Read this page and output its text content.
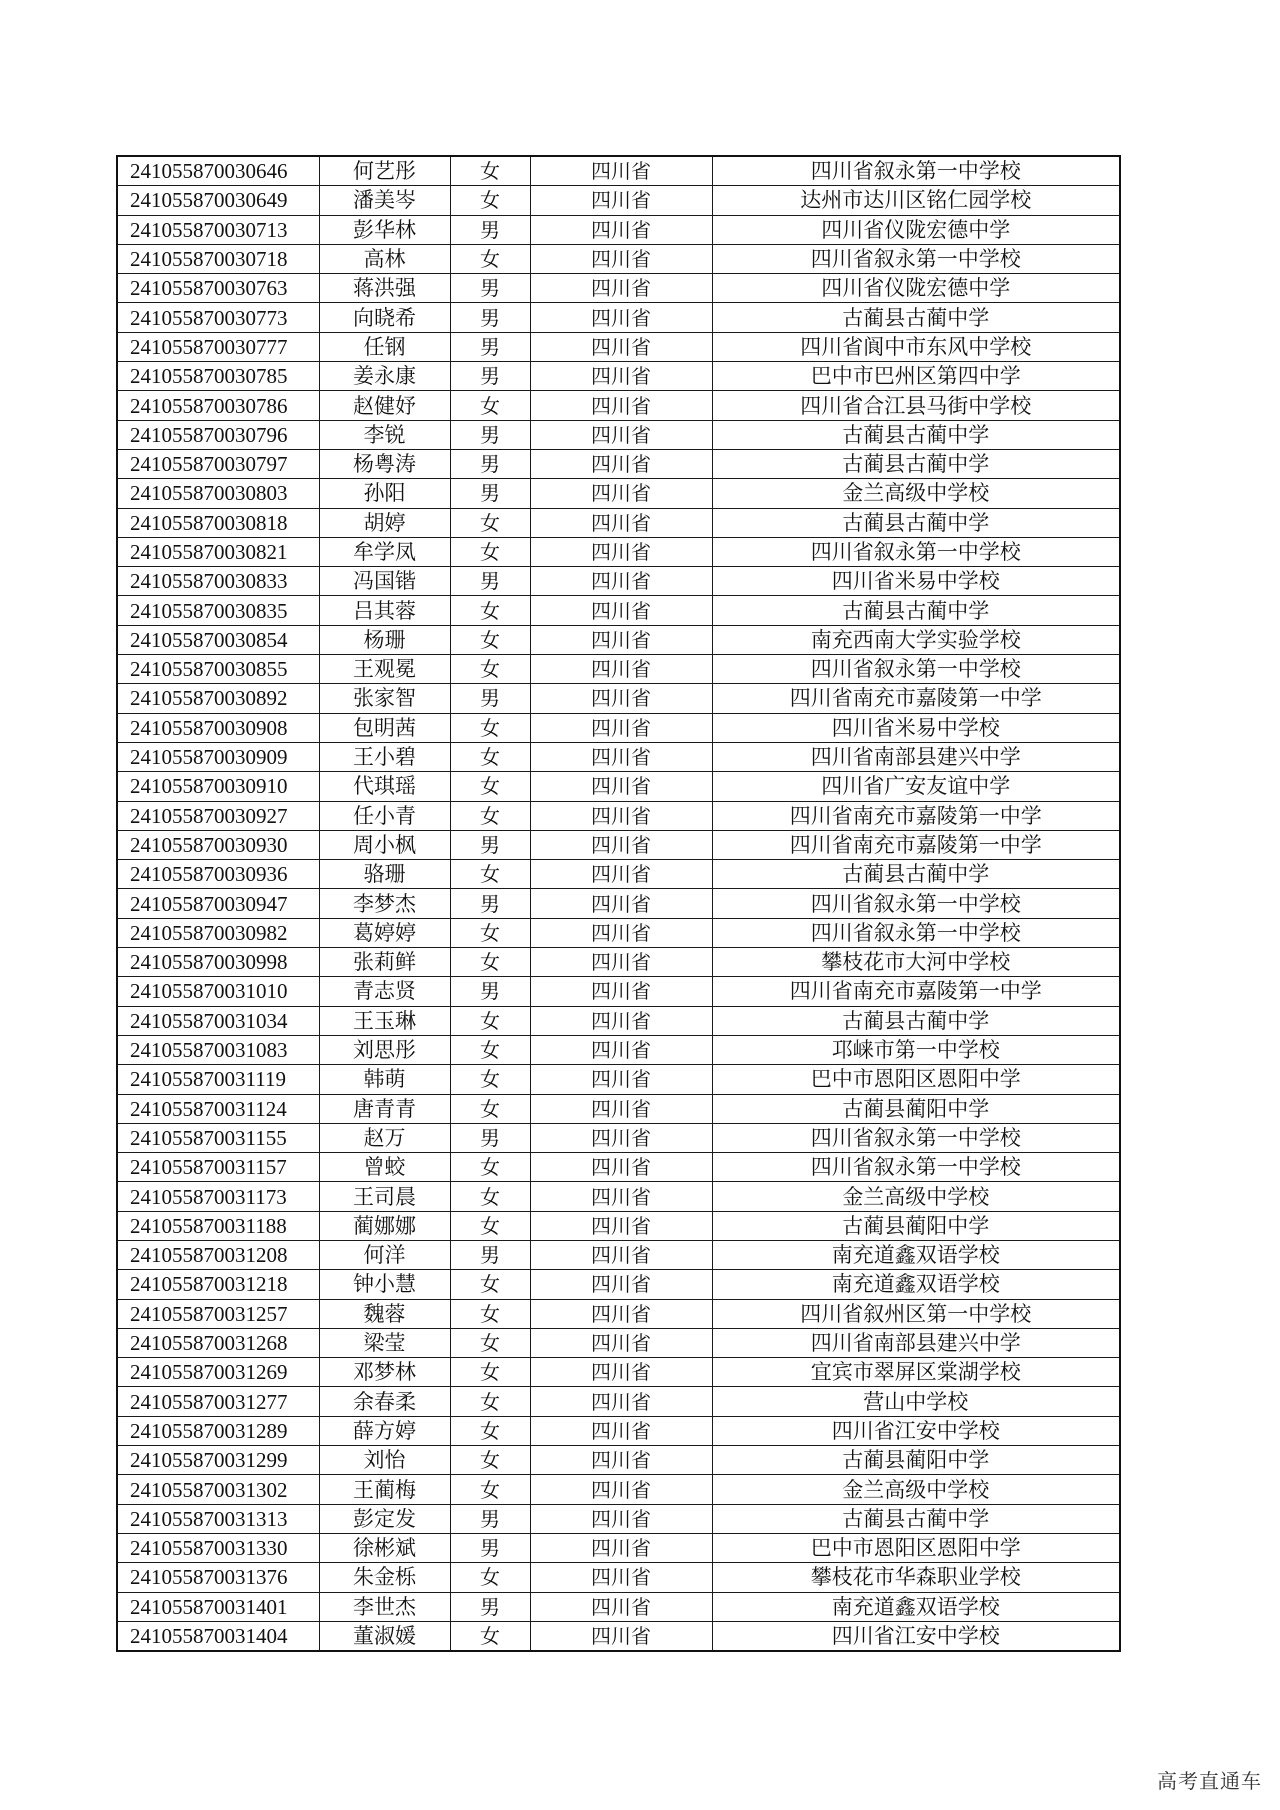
241055870030646	何艺彤	女	四川省	四川省叙永第一中学校
241055870030649	潘美岑	女	四川省	达州市达川区铭仁园学校
241055870030713	彭华林	男	四川省	四川省仪陇宏德中学
241055870030718	高林	女	四川省	四川省叙永第一中学校
241055870030763	蒋洪强	男	四川省	四川省仪陇宏德中学
241055870030773	向晓希	男	四川省	古蔺县古蔺中学
241055870030777	任钢	男	四川省	四川省阆中市东风中学校
241055870030785	姜永康	男	四川省	巴中市巴州区第四中学
241055870030786	赵健妤	女	四川省	四川省合江县马街中学校
241055870030796	李锐	男	四川省	古蔺县古蔺中学
241055870030797	杨粤涛	男	四川省	古蔺县古蔺中学
241055870030803	孙阳	男	四川省	金兰高级中学校
241055870030818	胡婷	女	四川省	古蔺县古蔺中学
241055870030821	牟学凤	女	四川省	四川省叙永第一中学校
241055870030833	冯国锴	男	四川省	四川省米易中学校
241055870030835	吕其蓉	女	四川省	古蔺县古蔺中学
241055870030854	杨珊	女	四川省	南充西南大学实验学校
241055870030855	王观冕	女	四川省	四川省叙永第一中学校
241055870030892	张家智	男	四川省	四川省南充市嘉陵第一中学
241055870030908	包明茜	女	四川省	四川省米易中学校
241055870030909	王小碧	女	四川省	四川省南部县建兴中学
241055870030910	代琪瑶	女	四川省	四川省广安友谊中学
241055870030927	任小青	女	四川省	四川省南充市嘉陵第一中学
241055870030930	周小枫	男	四川省	四川省南充市嘉陵第一中学
241055870030936	骆珊	女	四川省	古蔺县古蔺中学
241055870030947	李梦杰	男	四川省	四川省叙永第一中学校
241055870030982	葛婷婷	女	四川省	四川省叙永第一中学校
241055870030998	张莉鲜	女	四川省	攀枝花市大河中学校
241055870031010	青志贤	男	四川省	四川省南充市嘉陵第一中学
241055870031034	王玉琳	女	四川省	古蔺县古蔺中学
241055870031083	刘思彤	女	四川省	邛崃市第一中学校
241055870031119	韩萌	女	四川省	巴中市恩阳区恩阳中学
241055870031124	唐青青	女	四川省	古蔺县蔺阳中学
241055870031155	赵万	男	四川省	四川省叙永第一中学校
241055870031157	曾蛟	女	四川省	四川省叙永第一中学校
241055870031173	王司晨	女	四川省	金兰高级中学校
241055870031188	蔺娜娜	女	四川省	古蔺县蔺阳中学
241055870031208	何洋	男	四川省	南充道鑫双语学校
241055870031218	钟小慧	女	四川省	南充道鑫双语学校
241055870031257	魏蓉	女	四川省	四川省叙州区第一中学校
241055870031268	梁莹	女	四川省	四川省南部县建兴中学
241055870031269	邓梦林	女	四川省	宜宾市翠屏区棠湖学校
241055870031277	余春柔	女	四川省	营山中学校
241055870031289	薛方婷	女	四川省	四川省江安中学校
241055870031299	刘怡	女	四川省	古蔺县蔺阳中学
241055870031302	王蔺梅	女	四川省	金兰高级中学校
241055870031313	彭定发	男	四川省	古蔺县古蔺中学
241055870031330	徐彬斌	男	四川省	巴中市恩阳区恩阳中学
241055870031376	朱金栎	女	四川省	攀枝花市华森职业学校
241055870031401	李世杰	男	四川省	南充道鑫双语学校
241055870031404	董淑媛	女	四川省	四川省江安中学校
高考直通车
